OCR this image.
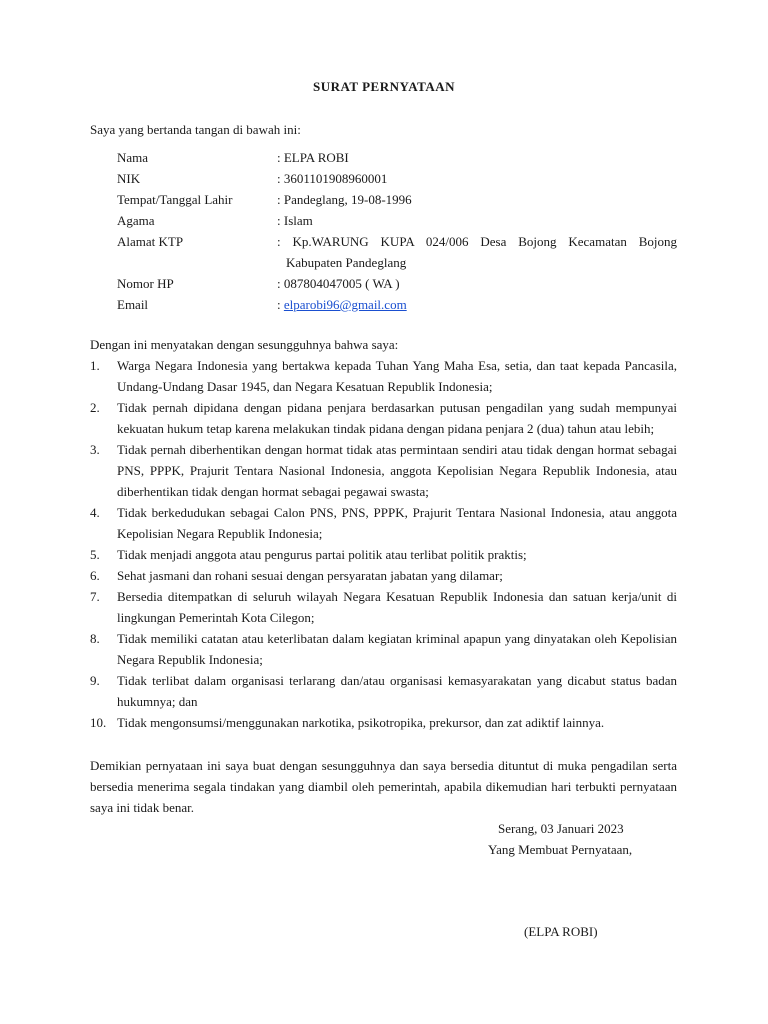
SURAT PERNYATAAN
Saya yang bertanda tangan di bawah ini:
Nama	: ELPA ROBI
NIK	: 3601101908960001
Tempat/Tanggal Lahir	: Pandeglang, 19-08-1996
Agama	: Islam
Alamat KTP	: Kp.WARUNG KUPA 024/006 Desa Bojong Kecamatan Bojong
Kabupaten Pandeglang
Nomor HP	: 087804047005 ( WA )
Email	: elparobi96@gmail.com
Dengan ini menyatakan dengan sesungguhnya bahwa saya:
1. Warga Negara Indonesia yang bertakwa kepada Tuhan Yang Maha Esa, setia, dan taat kepada Pancasila, Undang-Undang Dasar 1945, dan Negara Kesatuan Republik Indonesia;
2. Tidak pernah dipidana dengan pidana penjara berdasarkan putusan pengadilan yang sudah mempunyai kekuatan hukum tetap karena melakukan tindak pidana dengan pidana penjara 2 (dua) tahun atau lebih;
3. Tidak pernah diberhentikan dengan hormat tidak atas permintaan sendiri atau tidak dengan hormat sebagai PNS, PPPK, Prajurit Tentara Nasional Indonesia, anggota Kepolisian Negara Republik Indonesia, atau diberhentikan tidak dengan hormat sebagai pegawai swasta;
4. Tidak berkedudukan sebagai Calon PNS, PNS, PPPK, Prajurit Tentara Nasional Indonesia, atau anggota Kepolisian Negara Republik Indonesia;
5. Tidak menjadi anggota atau pengurus partai politik atau terlibat politik praktis;
6. Sehat jasmani dan rohani sesuai dengan persyaratan jabatan yang dilamar;
7. Bersedia ditempatkan di seluruh wilayah Negara Kesatuan Republik Indonesia dan satuan kerja/unit di lingkungan Pemerintah Kota Cilegon;
8. Tidak memiliki catatan atau keterlibatan dalam kegiatan kriminal apapun yang dinyatakan oleh Kepolisian Negara Republik Indonesia;
9. Tidak terlibat dalam organisasi terlarang dan/atau organisasi kemasyarakatan yang dicabut status badan hukumnya; dan
10. Tidak mengonsumsi/menggunakan narkotika, psikotropika, prekursor, dan zat adiktif lainnya.
Demikian pernyataan ini saya buat dengan sesungguhnya dan saya bersedia dituntut di muka pengadilan serta bersedia menerima segala tindakan yang diambil oleh pemerintah, apabila dikemudian hari terbukti pernyataan saya ini tidak benar.
Serang, 03 Januari 2023
Yang Membuat Pernyataan,
(ELPA ROBI)
